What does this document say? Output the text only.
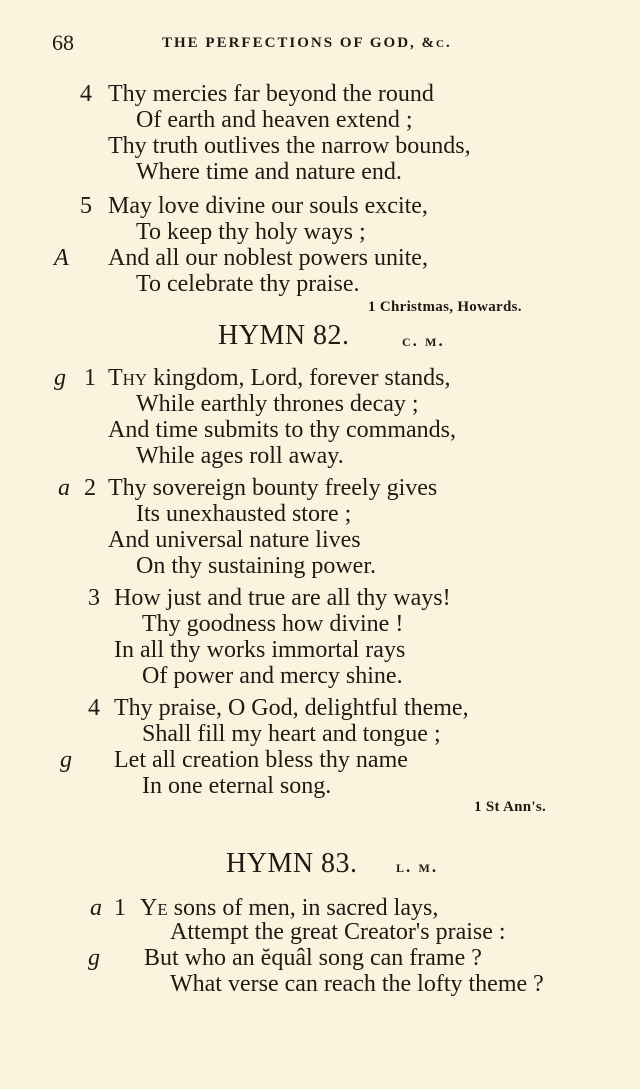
68	THE PERFECTIONS OF GOD, &c.
4 Thy mercies far beyond the round
Of earth and heaven extend ;
Thy truth outlives the narrow bounds,
Where time and nature end.
5 May love divine our souls excite,
To keep thy holy ways ;
A And all our noblest powers unite,
To celebrate thy praise.
1 Christmas, Howards.
HYMN 82.	c. m.
g 1 Thy kingdom, Lord, forever stands,
While earthly thrones decay ;
And time submits to thy commands,
While ages roll away.
a 2 Thy sovereign bounty freely gives
Its unexhausted store ;
And universal nature lives
On thy sustaining power.
3 How just and true are all thy ways!
Thy goodness how divine !
In all thy works immortal rays
Of power and mercy shine.
4 Thy praise, O God, delightful theme,
Shall fill my heart and tongue ;
g Let all creation bless thy name
In one eternal song.
1 St Ann's.
HYMN 83. l. m.
a 1 Ye sons of men, in sacred lays,
Attempt the great Creator's praise :
g But who an ĕquâl song can frame ?
What verse can reach the lofty theme ?
